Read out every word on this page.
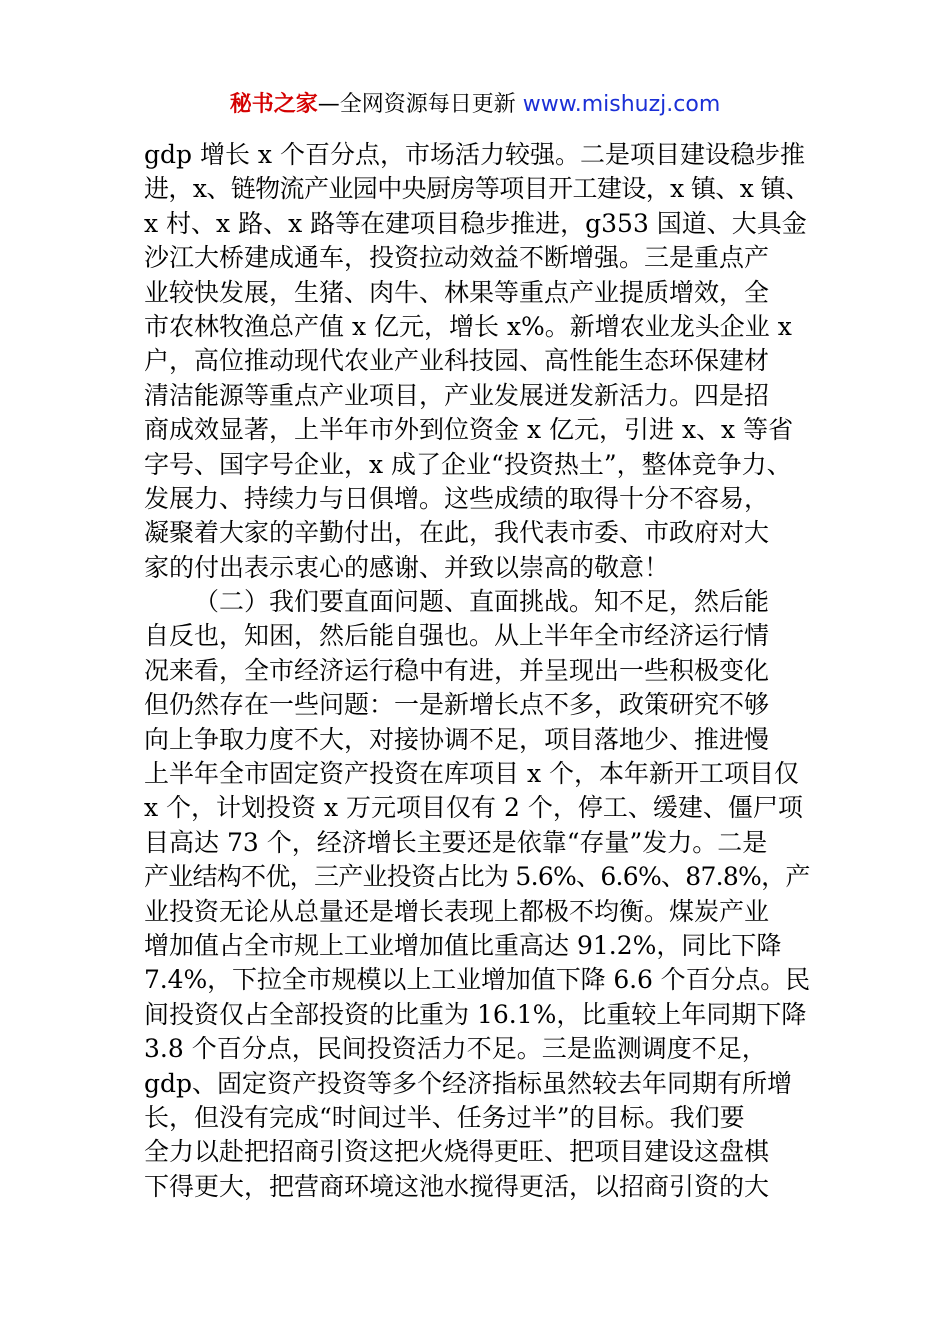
秘书之家—全网资源每日更新 www.mishuzj.com
gdp 增长 x 个百分点，市场活力较强。二是项目建设稳步推
进，x、链物流产业园中央厨房等项目开工建设，x 镇、x 镇、
x 村、x 路、x 路等在建项目稳步推进，g353 国道、大具金
沙江大桥建成通车，投资拉动效益不断增强。三是重点产
业较快发展，生猪、肉牛、林果等重点产业提质增效，全
市农林牧渔总产值 x 亿元，增长 x%。新增农业龙头企业 x
户，高位推动现代农业产业科技园、高性能生态环保建材
清洁能源等重点产业项目，产业发展迸发新活力。四是招
商成效显著，上半年市外到位资金 x 亿元，引进 x、x 等省
字号、国字号企业，x 成了企业“投资热土”，整体竞争力、
发展力、持续力与日俱增。这些成绩的取得十分不容易，
凝聚着大家的辛勤付出，在此，我代表市委、市政府对大
家的付出表示衷心的感谢、并致以崇高的敬意！
（二）我们要直面问题、直面挑战。知不足，然后能
自反也，知困，然后能自强也。从上半年全市经济运行情
况来看，全市经济运行稳中有进，并呈现出一些积极变化
但仍然存在一些问题：一是新增长点不多，政策研究不够
向上争取力度不大，对接协调不足，项目落地少、推进慢
上半年全市固定资产投资在库项目 x 个，本年新开工项目仅
x 个，计划投资 x 万元项目仅有 2 个，停工、缓建、僵尸项
目高达 73 个，经济增长主要还是依靠“存量”发力。二是
产业结构不优，三产业投资占比为 5.6%、6.6%、87.8%，产
业投资无论从总量还是增长表现上都极不均衡。煤炭产业
增加值占全市规上工业增加值比重高达 91.2%，同比下降
7.4%，下拉全市规模以上工业增加值下降 6.6 个百分点。民
间投资仅占全部投资的比重为 16.1%，比重较上年同期下降
3.8 个百分点，民间投资活力不足。三是监测调度不足，
gdp、固定资产投资等多个经济指标虽然较去年同期有所增
长，但没有完成“时间过半、任务过半”的目标。我们要
全力以赴把招商引资这把火烧得更旺、把项目建设这盘棋
下得更大，把营商环境这池水搅得更活，以招商引资的大
